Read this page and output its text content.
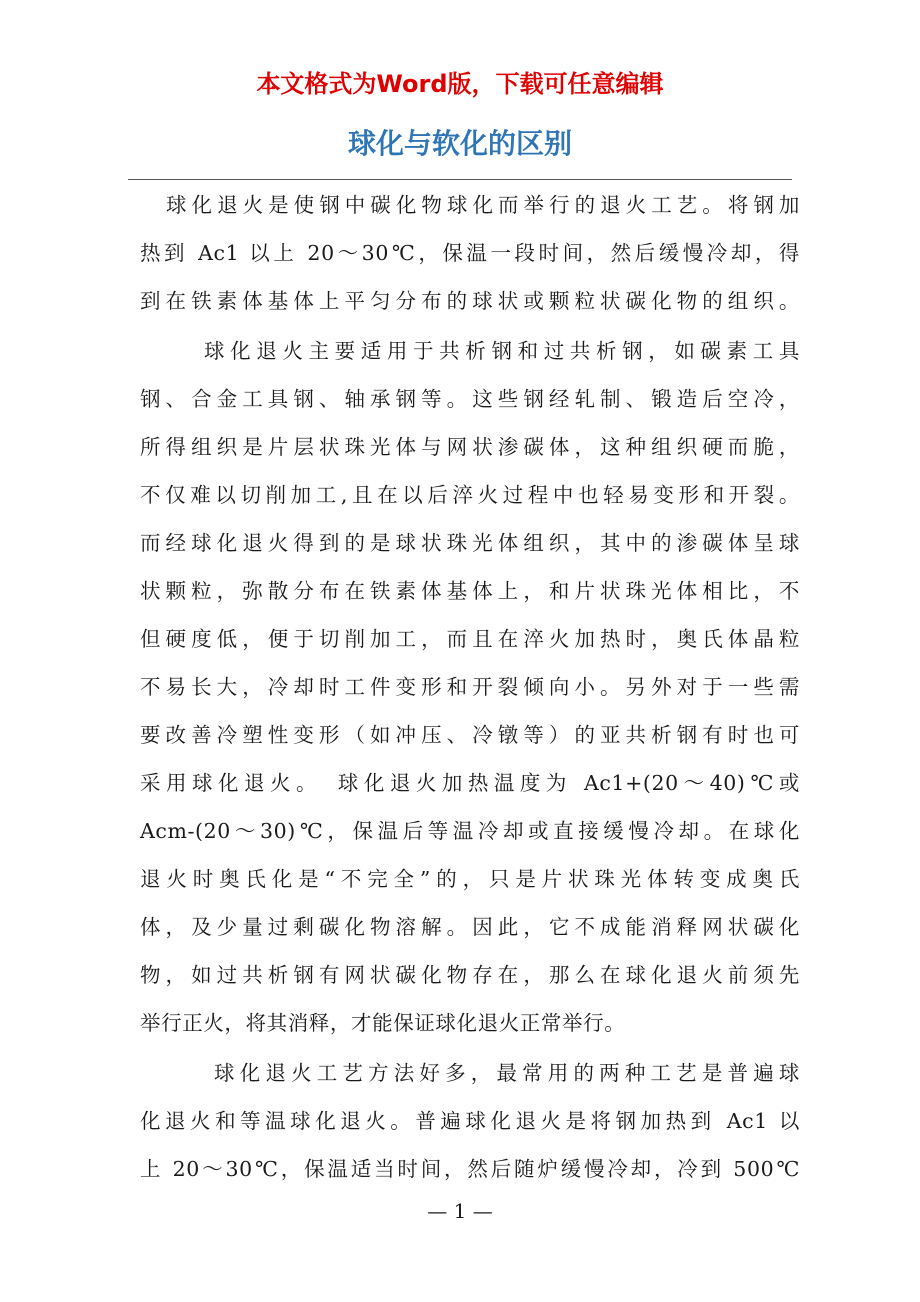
本文格式为Word版，下载可任意编辑
球化与软化的区别
球化退火是使钢中碳化物球化而举行的退火工艺。将钢加
热到 Ac1 以上 20～30℃，保温一段时间，然后缓慢冷却，得
到在铁素体基体上平匀分布的球状或颗粒状碳化物的组织。
球化退火主要适用于共析钢和过共析钢，如碳素工具
钢、合金工具钢、轴承钢等。这些钢经轧制、锻造后空冷，
所得组织是片层状珠光体与网状渗碳体，这种组织硬而脆，
不仅难以切削加工,且在以后淬火过程中也轻易变形和开裂。
而经球化退火得到的是球状珠光体组织，其中的渗碳体呈球
状颗粒，弥散分布在铁素体基体上，和片状珠光体相比，不
但硬度低，便于切削加工，而且在淬火加热时，奥氏体晶粒
不易长大，冷却时工件变形和开裂倾向小。另外对于一些需
要改善冷塑性变形（如冲压、冷镦等）的亚共析钢有时也可
采用球化退火。　球化退火加热温度为 Ac1+(20～40)℃或
Acm-(20～30)℃，保温后等温冷却或直接缓慢冷却。在球化
退火时奥氏化是“不完全”的，只是片状珠光体转变成奥氏
体，及少量过剩碳化物溶解。因此，它不成能消释网状碳化
物，如过共析钢有网状碳化物存在，那么在球化退火前须先
举行正火，将其消释，才能保证球化退火正常举行。
球化退火工艺方法好多，最常用的两种工艺是普遍球
化退火和等温球化退火。普遍球化退火是将钢加热到 Ac1 以
上 20～30℃，保温适当时间，然后随炉缓慢冷却，冷到 500℃
— 1 —
